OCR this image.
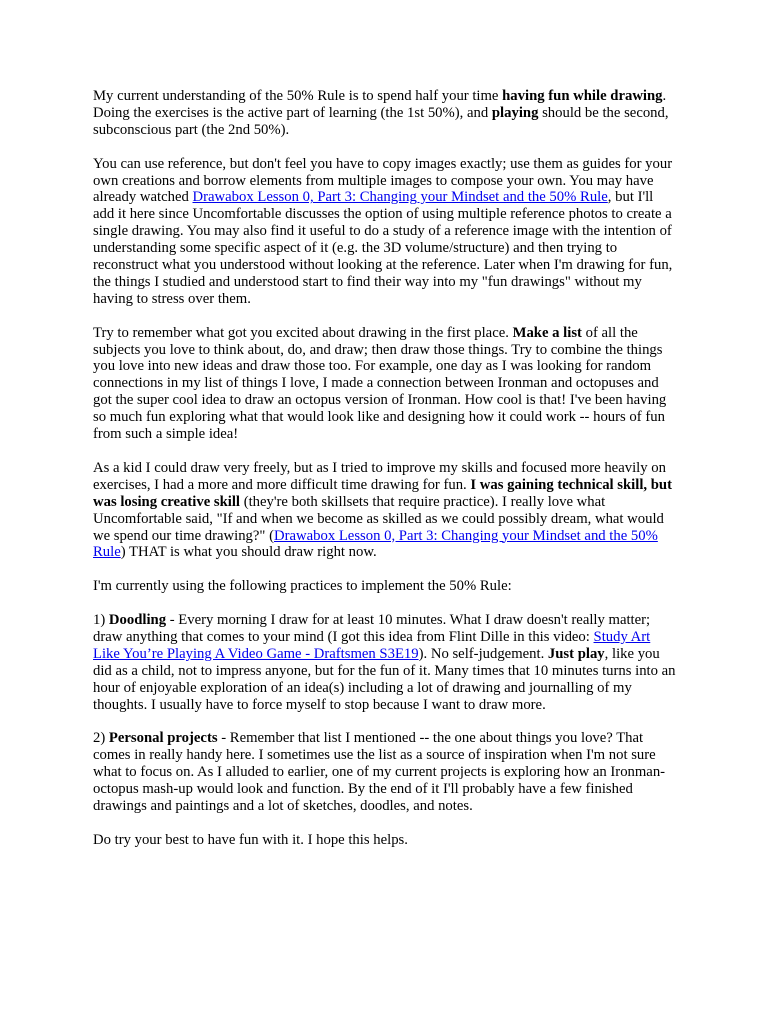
My current understanding of the 50% Rule is to spend half your time having fun while drawing. Doing the exercises is the active part of learning (the 1st 50%), and playing should be the second, subconscious part (the 2nd 50%).

You can use reference, but don't feel you have to copy images exactly; use them as guides for your own creations and borrow elements from multiple images to compose your own. You may have already watched Drawabox Lesson 0, Part 3: Changing your Mindset and the 50% Rule, but I'll add it here since Uncomfortable discusses the option of using multiple reference photos to create a single drawing. You may also find it useful to do a study of a reference image with the intention of understanding some specific aspect of it (e.g. the 3D volume/structure) and then trying to reconstruct what you understood without looking at the reference. Later when I'm drawing for fun, the things I studied and understood start to find their way into my "fun drawings" without my having to stress over them.

Try to remember what got you excited about drawing in the first place. Make a list of all the subjects you love to think about, do, and draw; then draw those things. Try to combine the things you love into new ideas and draw those too. For example, one day as I was looking for random connections in my list of things I love, I made a connection between Ironman and octopuses and got the super cool idea to draw an octopus version of Ironman. How cool is that! I've been having so much fun exploring what that would look like and designing how it could work -- hours of fun from such a simple idea!

As a kid I could draw very freely, but as I tried to improve my skills and focused more heavily on exercises, I had a more and more difficult time drawing for fun. I was gaining technical skill, but was losing creative skill (they're both skillsets that require practice). I really love what Uncomfortable said, "If and when we become as skilled as we could possibly dream, what would we spend our time drawing?" (Drawabox Lesson 0, Part 3: Changing your Mindset and the 50% Rule) THAT is what you should draw right now.

I'm currently using the following practices to implement the 50% Rule:

1) Doodling - Every morning I draw for at least 10 minutes. What I draw doesn't really matter; draw anything that comes to your mind (I got this idea from Flint Dille in this video: Study Art Like You’re Playing A Video Game - Draftsmen S3E19). No self-judgement. Just play, like you did as a child, not to impress anyone, but for the fun of it. Many times that 10 minutes turns into an hour of enjoyable exploration of an idea(s) including a lot of drawing and journalling of my thoughts. I usually have to force myself to stop because I want to draw more.

2) Personal projects - Remember that list I mentioned -- the one about things you love? That comes in really handy here. I sometimes use the list as a source of inspiration when I'm not sure what to focus on. As I alluded to earlier, one of my current projects is exploring how an Ironman-octopus mash-up would look and function. By the end of it I'll probably have a few finished drawings and paintings and a lot of sketches, doodles, and notes.

Do try your best to have fun with it. I hope this helps.
